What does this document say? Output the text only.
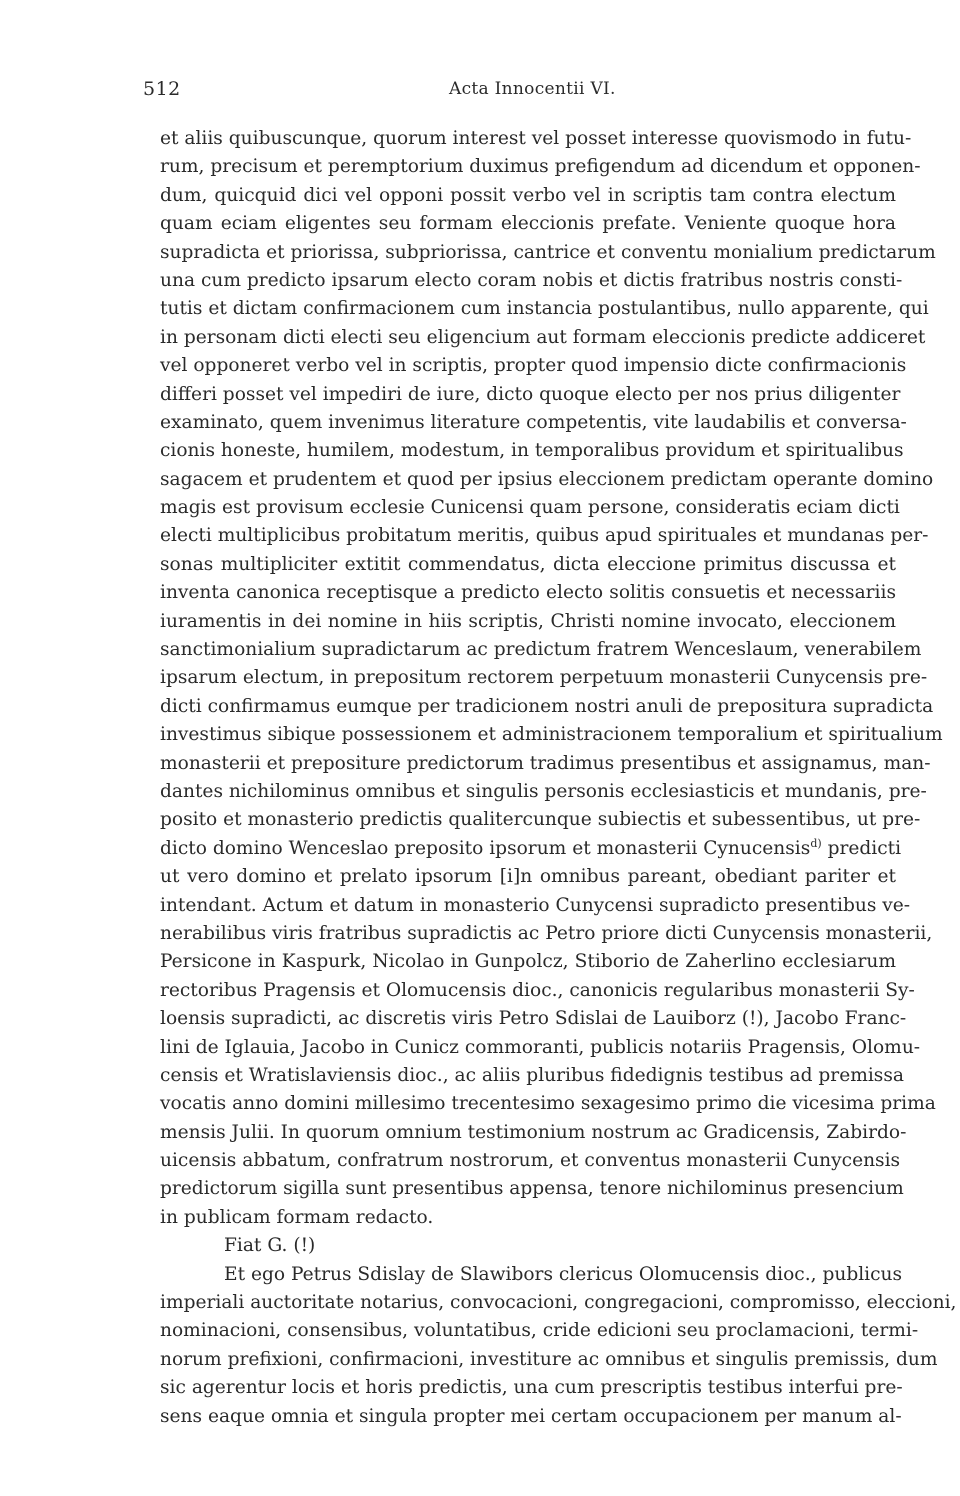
512	Acta Innocentii VI.
et aliis quibuscunque, quorum interest vel posset interesse quovismodo in futu-
rum, precisum et peremptorium duximus prefigendum ad dicendum et opponen-
dum, quicquid dici vel opponi possit verbo vel in scriptis tam contra electum
quam eciam eligentes seu formam eleccionis prefate. Veniente quoque hora
supradicta et priorissa, subpriorissa, cantrice et conventu monialium predictarum
una cum predicto ipsarum electo coram nobis et dictis fratribus nostris consti-
tutis et dictam confirmacionem cum instancia postulantibus, nullo apparente, qui
in personam dicti electi seu eligencium aut formam eleccionis predicte addiceret
vel opponeret verbo vel in scriptis, propter quod impensio dicte confirmacionis
differi posset vel impediri de iure, dicto quoque electo per nos prius diligenter
examinato, quem invenimus literature competentis, vite laudabilis et conversa-
cionis honeste, humilem, modestum, in temporalibus providum et spiritualibus
sagacem et prudentem et quod per ipsius eleccionem predictam operante domino
magis est provisum ecclesie Cunicensi quam persone, consideratis eciam dicti
electi multiplicibus probitatum meritis, quibus apud spirituales et mundanas per-
sonas multipliciter extitit commendatus, dicta eleccione primitus discussa et
inventa canonica receptisque a predicto electo solitis consuetis et necessariis
iuramentis in dei nomine in hiis scriptis, Christi nomine invocato, eleccionem
sanctimonialium supradictarum ac predictum fratrem Wenceslaum, venerabilem
ipsarum electum, in prepositum rectorem perpetuum monasterii Cunycensis pre-
dicti confirmamus eumque per tradicionem nostri anuli de prepositura supradicta
investimus sibique possessionem et administracionem temporalium et spiritualium
monasterii et prepositure predictorum tradimus presentibus et assignamus, man-
dantes nichilominus omnibus et singulis personis ecclesiasticis et mundanis, pre-
posito et monasterio predictis qualitercunque subiectis et subessentibus, ut pre-
dicto domino Wenceslao preposito ipsorum et monasterii Cynucensis$^{d)}$ predicti
ut vero domino et prelato ipsorum [i]n omnibus pareant, obediant pariter et
intendant. Actum et datum in monasterio Cunycensi supradicto presentibus ve-
nerabilibus viris fratribus supradictis ac Petro priore dicti Cunycensis monasterii,
Persicone in Kaspurk, Nicolao in Gunpolcz, Stiborio de Zaherlino ecclesiarum
rectoribus Pragensis et Olomucensis dioc., canonicis regularibus monasterii Sy-
loensis supradicti, ac discretis viris Petro Sdislai de Lauiborz (!), Jacobo Franc-
lini de Iglauia, Jacobo in Cunicz commoranti, publicis notariis Pragensis, Olomu-
censis et Wratislaviensis dioc., ac aliis pluribus fidedignis testibus ad premissa
vocatis anno domini millesimo trecentesimo sexagesimo primo die vicesima prima
mensis Julii. In quorum omnium testimonium nostrum ac Gradicensis, Zabirdo-
uicensis abbatum, confratrum nostrorum, et conventus monasterii Cunycensis
predictorum sigilla sunt presentibus appensa, tenore nichilominus presencium
in publicam formam redacto.
Fiat G. (!)
Et ego Petrus Sdislay de Slawibors clericus Olomucensis dioc., publicus
imperiali auctoritate notarius, convocacioni, congregacioni, compromisso, eleccioni,
nominacioni, consensibus, voluntatibus, cride edicioni seu proclamacioni, termi-
norum prefixioni, confirmacioni, investiture ac omnibus et singulis premissis, dum
sic agerentur locis et horis predictis, una cum prescriptis testibus interfui pre-
sens eaque omnia et singula propter mei certam occupacionem per manum al-
